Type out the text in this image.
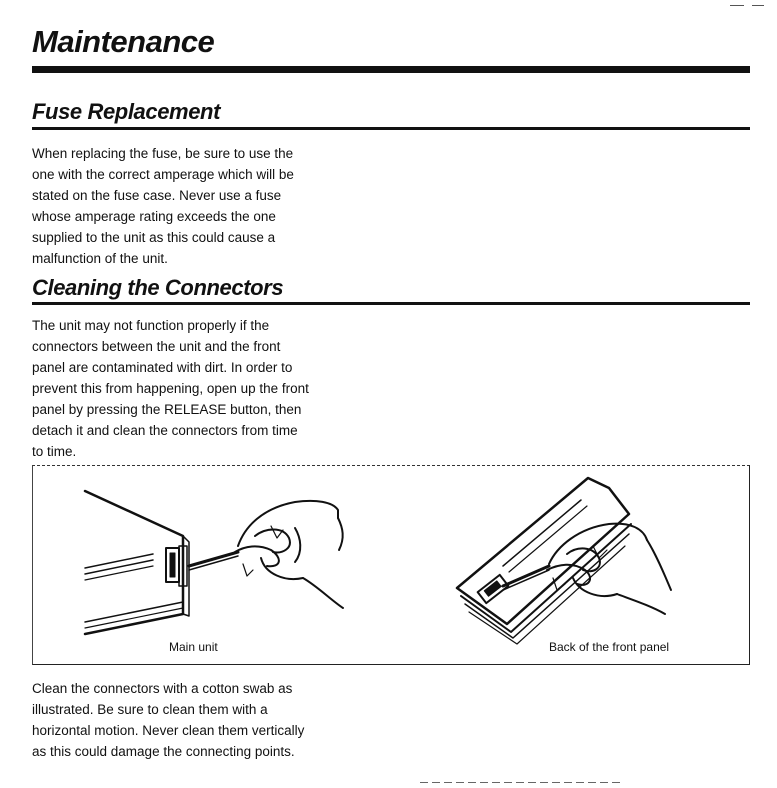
Maintenance
Fuse Replacement

When replacing the fuse, be sure to use the
one with the correct amperage which will be
stated on the fuse case. Never use a fuse
whose amperage rating exceeds the one
supplied to the unit as this could cause a
malfunction of the unit.

Cleaning the Connectors

The unit may not function properly if the
connectors between the unit and the front
panel are contaminated with dirt. In order to
prevent this from happening, open up the front
panel by pressing the RELEASE button, then
detach it and clean the connectors from time
to time.

Main unit	Back of the front panel

Clean the connectors with a cotton swab as
illustrated. Be sure to clean them with a
horizontal motion. Never clean them vertically
as this could damage the connecting points.
